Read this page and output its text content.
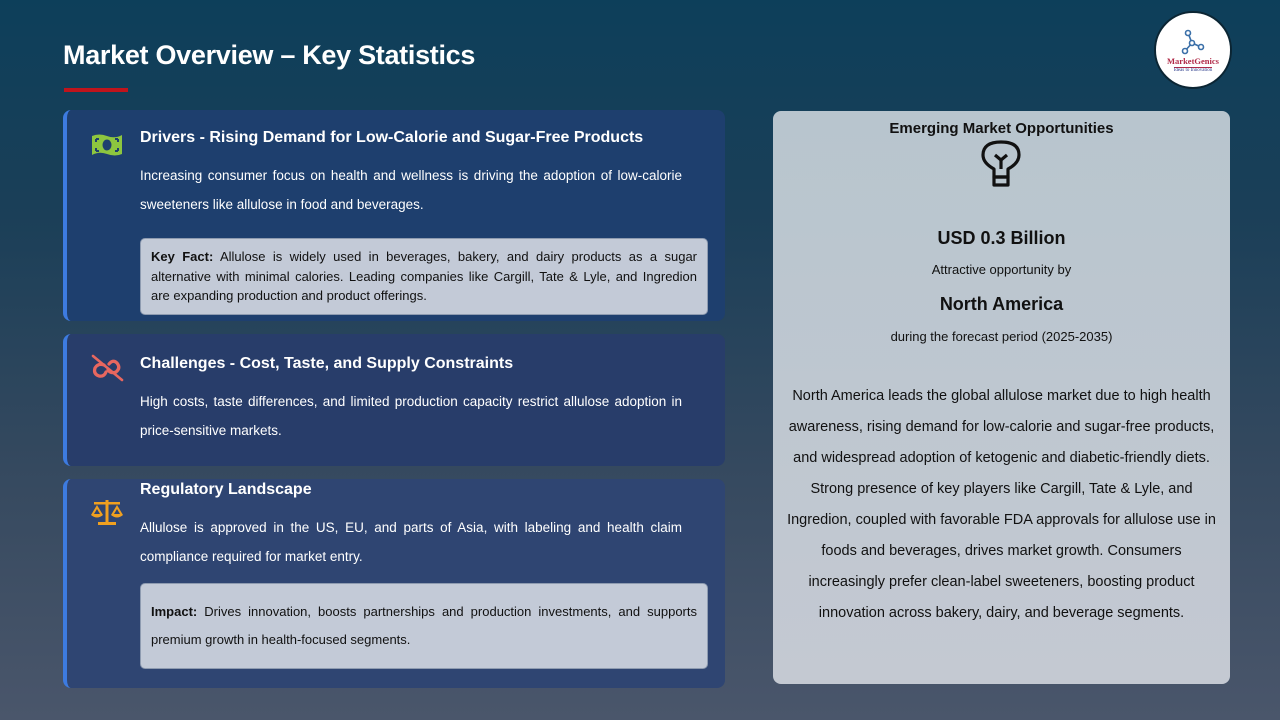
Market Overview – Key Statistics	MarketGenics
Ideas to Innovation
Drivers - Rising Demand for Low-Calorie and Sugar-Free Products
Increasing consumer focus on health and wellness is driving the adoption of low-calorie sweeteners like allulose in food and beverages.
Key Fact: Allulose is widely used in beverages, bakery, and dairy products as a sugar alternative with minimal calories. Leading companies like Cargill, Tate & Lyle, and Ingredion are expanding production and product offerings.
Challenges - Cost, Taste, and Supply Constraints
High costs, taste differences, and limited production capacity restrict allulose adoption in price-sensitive markets.
Regulatory Landscape
Allulose is approved in the US, EU, and parts of Asia, with labeling and health claim compliance required for market entry.
Impact: Drives innovation, boosts partnerships and production investments, and supports premium growth in health-focused segments.
Emerging Market Opportunities
USD 0.3 Billion
Attractive opportunity by
North America
during the forecast period (2025-2035)
North America leads the global allulose market due to high health awareness, rising demand for low-calorie and sugar-free products, and widespread adoption of ketogenic and diabetic-friendly diets. Strong presence of key players like Cargill, Tate & Lyle, and Ingredion, coupled with favorable FDA approvals for allulose use in foods and beverages, drives market growth. Consumers increasingly prefer clean-label sweeteners, boosting product innovation across bakery, dairy, and beverage segments.
